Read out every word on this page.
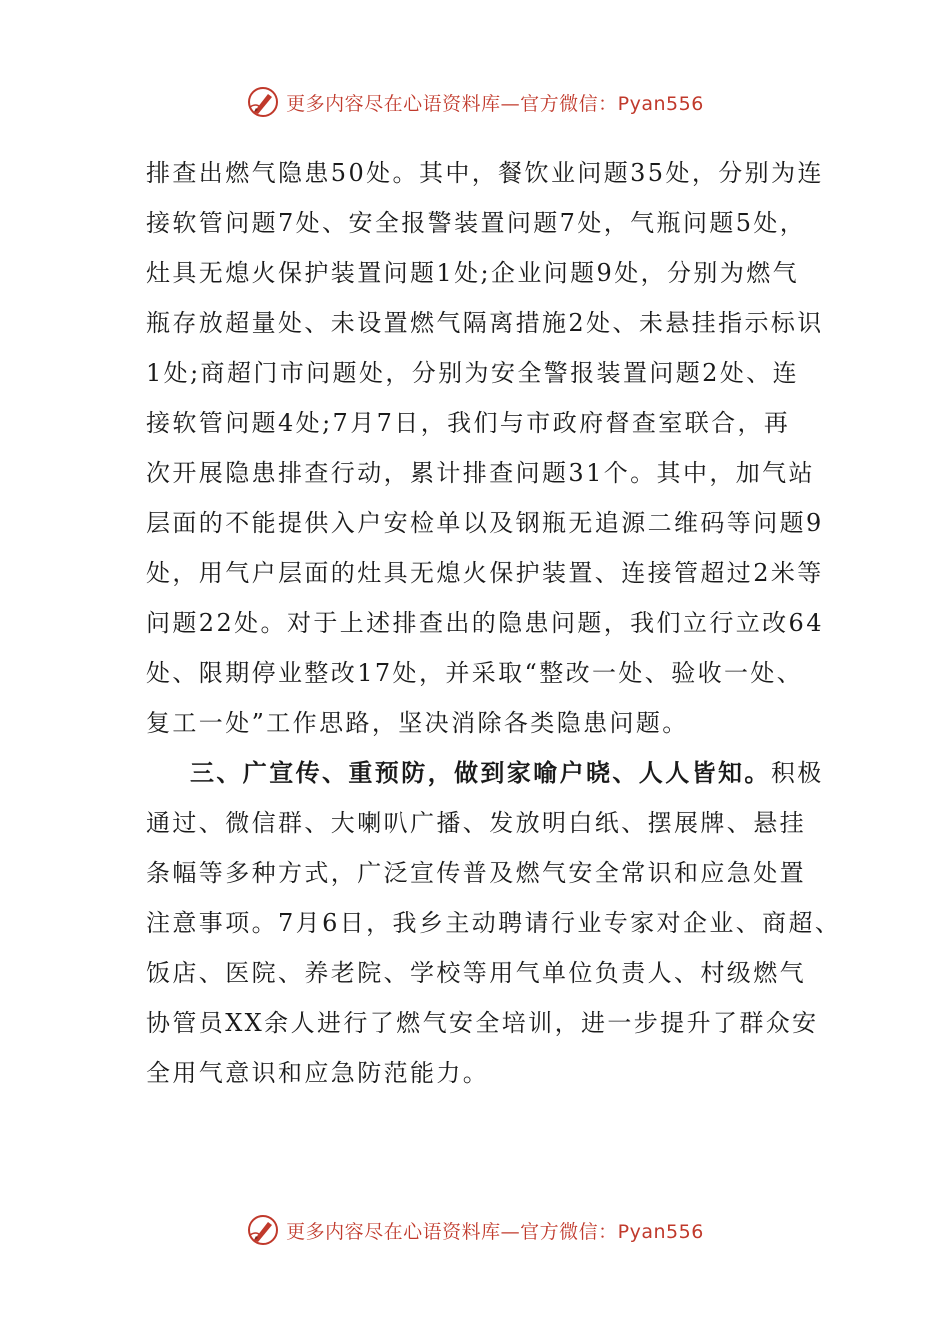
更多内容尽在心语资料库—官方微信：Pyan556
排查出燃气隐患50处。其中，餐饮业问题35处，分别为连
接软管问题7处、安全报警装置问题7处，气瓶问题5处，
灶具无熄火保护装置问题1处;企业问题9处，分别为燃气
瓶存放超量处、未设置燃气隔离措施2处、未悬挂指示标识
1处;商超门市问题处，分别为安全警报装置问题2处、连
接软管问题4处;7月7日，我们与市政府督查室联合，再
次开展隐患排查行动，累计排查问题31个。其中，加气站
层面的不能提供入户安检单以及钢瓶无追源二维码等问题9
处，用气户层面的灶具无熄火保护装置、连接管超过2米等
问题22处。对于上述排查出的隐患问题，我们立行立改64
处、限期停业整改17处，并采取“整改一处、验收一处、
复工一处”工作思路，坚决消除各类隐患问题。
三、广宣传、重预防，做到家喻户晓、人人皆知。积极
通过、微信群、大喇叭广播、发放明白纸、摆展牌、悬挂
条幅等多种方式，广泛宣传普及燃气安全常识和应急处置
注意事项。7月6日，我乡主动聘请行业专家对企业、商超、
饭店、医院、养老院、学校等用气单位负责人、村级燃气
协管员XX余人进行了燃气安全培训，进一步提升了群众安
全用气意识和应急防范能力。
更多内容尽在心语资料库—官方微信：Pyan556
